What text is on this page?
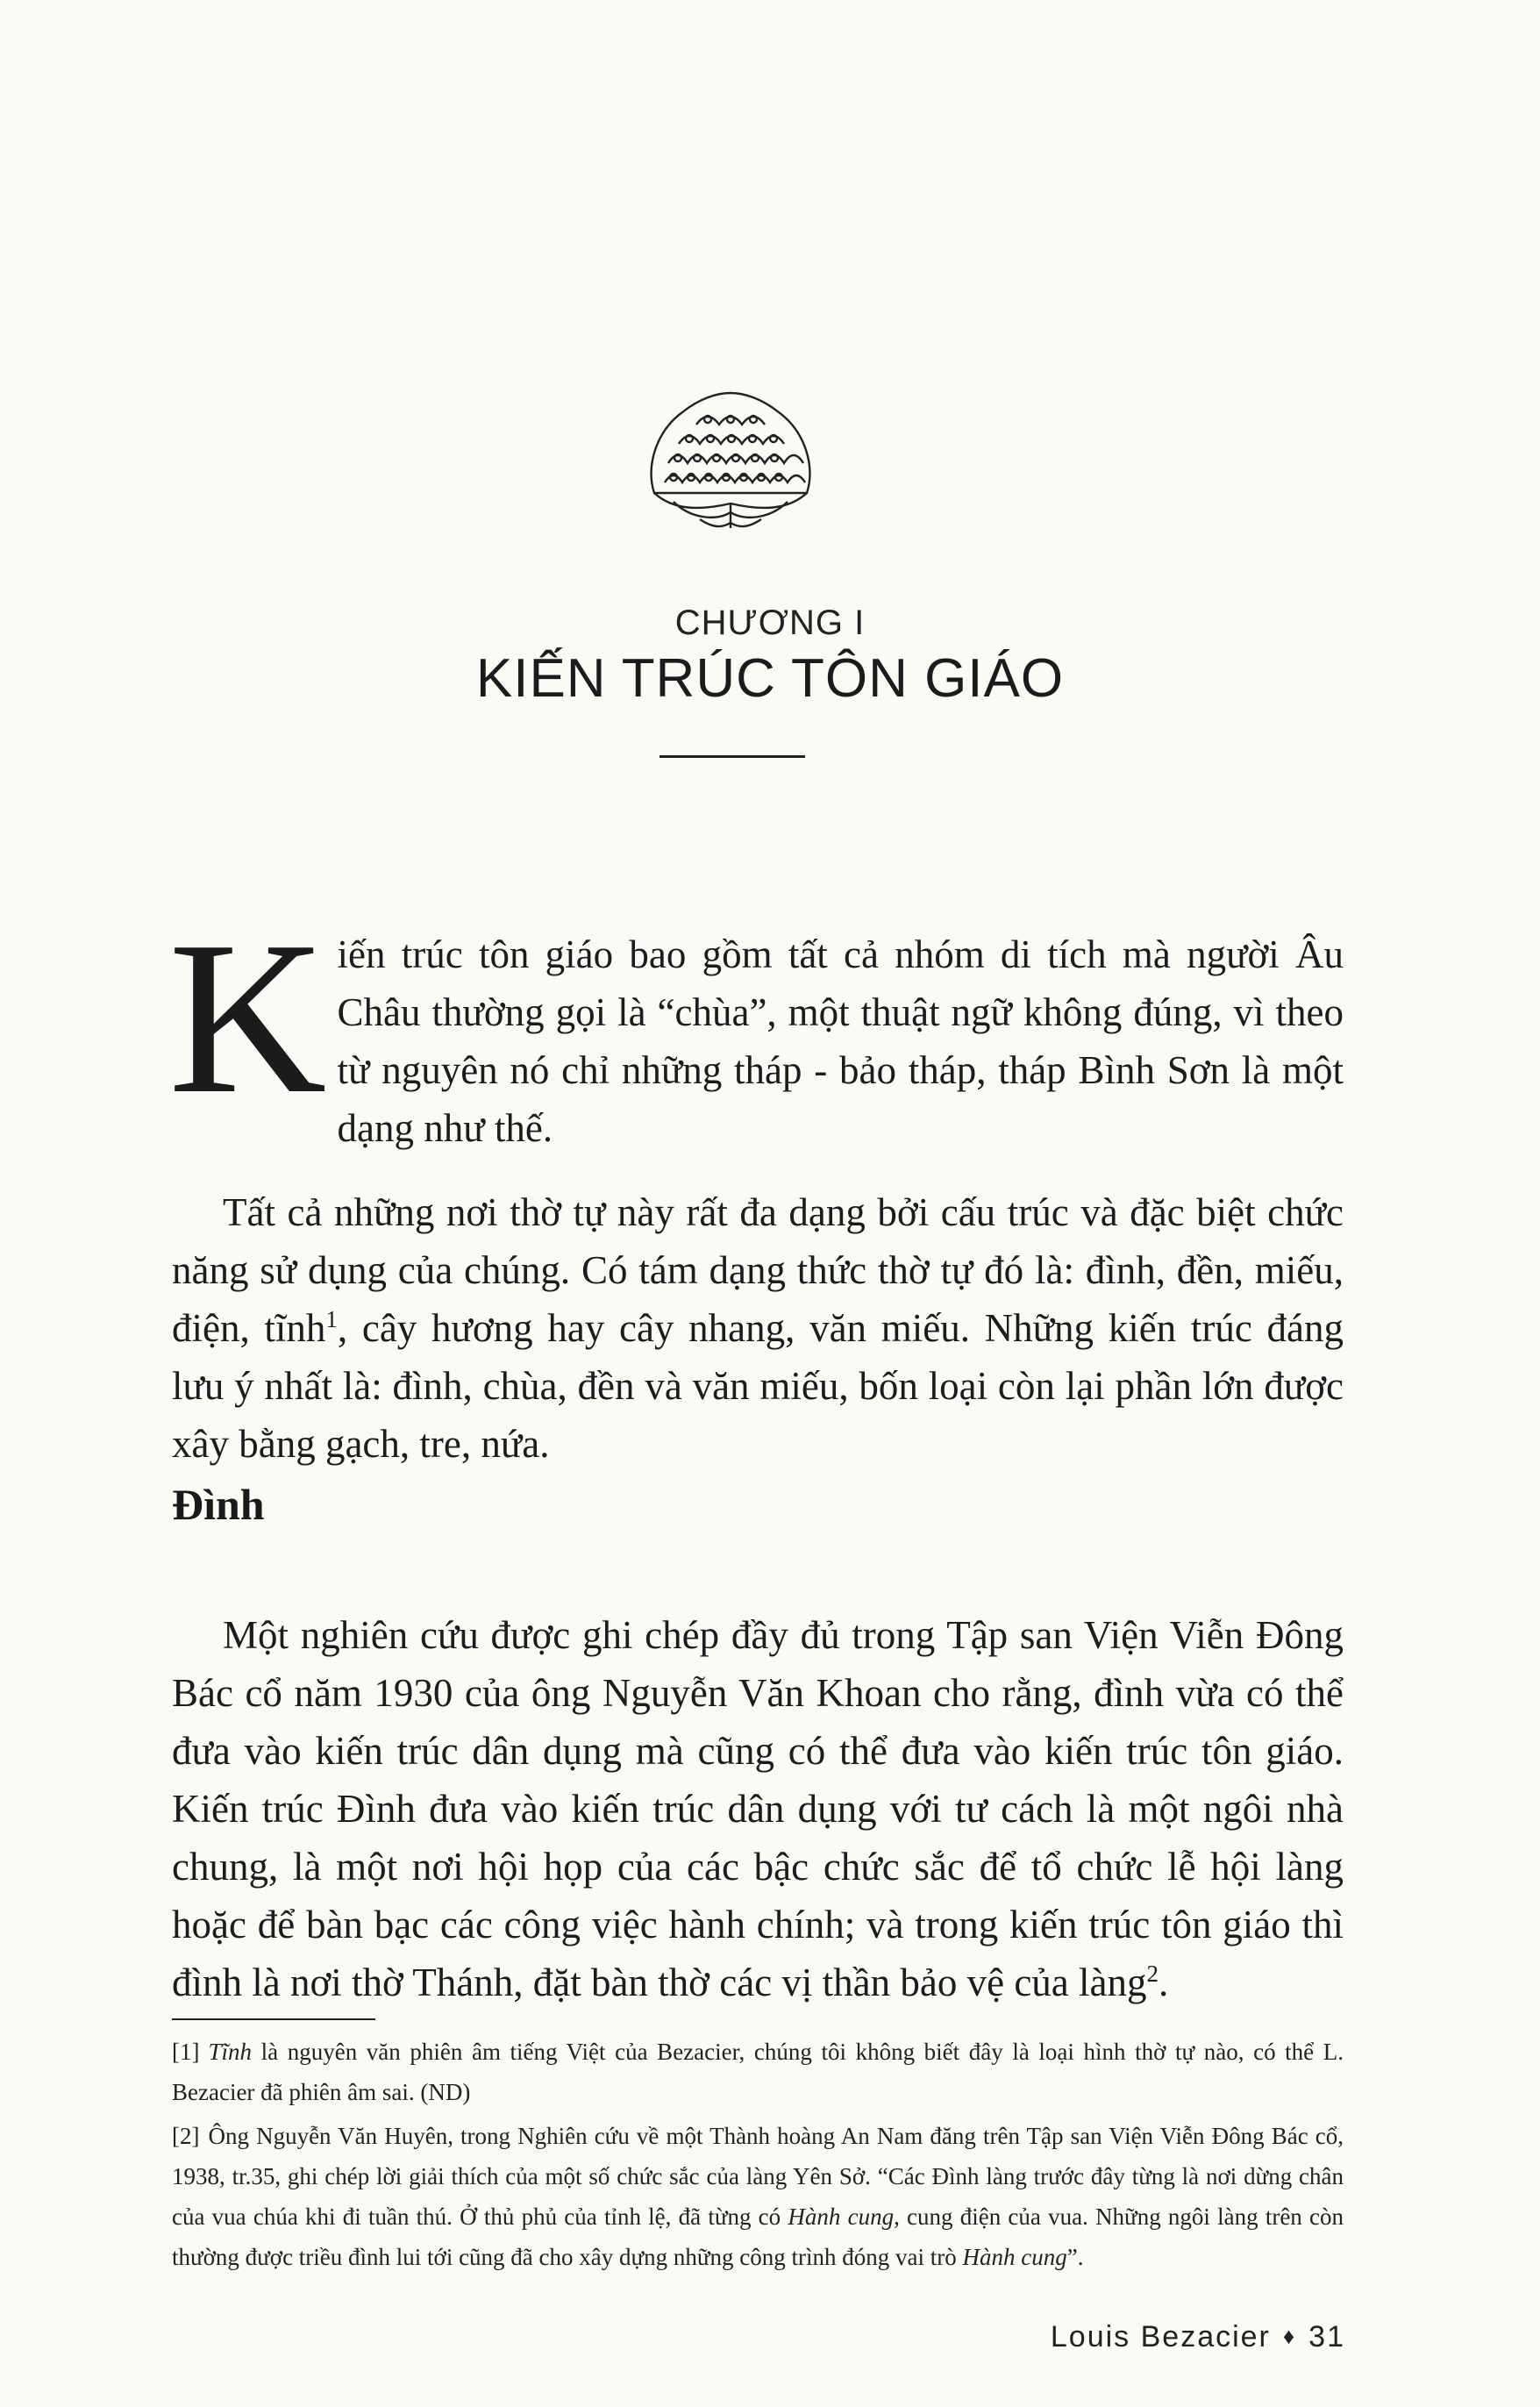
CHƯƠNG I
KIẾN TRÚC TÔN GIÁO

Kiến trúc tôn giáo bao gồm tất cả nhóm di tích mà người Âu Châu thường gọi là “chùa”, một thuật ngữ không đúng, vì theo từ nguyên nó chỉ những tháp - bảo tháp, tháp Bình Sơn là một dạng như thế.

Tất cả những nơi thờ tự này rất đa dạng bởi cấu trúc và đặc biệt chức năng sử dụng của chúng. Có tám dạng thức thờ tự đó là: đình, đền, miếu, điện, tĩnh$^1$, cây hương hay cây nhang, văn miếu. Những kiến trúc đáng lưu ý nhất là: đình, chùa, đền và văn miếu, bốn loại còn lại phần lớn được xây bằng gạch, tre, nứa.

Đình

Một nghiên cứu được ghi chép đầy đủ trong Tập san Viện Viễn Đông Bác cổ năm 1930 của ông Nguyễn Văn Khoan cho rằng, đình vừa có thể đưa vào kiến trúc dân dụng mà cũng có thể đưa vào kiến trúc tôn giáo. Kiến trúc Đình đưa vào kiến trúc dân dụng với tư cách là một ngôi nhà chung, là một nơi hội họp của các bậc chức sắc để tổ chức lễ hội làng hoặc để bàn bạc các công việc hành chính; và trong kiến trúc tôn giáo thì đình là nơi thờ Thánh, đặt bàn thờ các vị thần bảo vệ của làng$^2$.

[1] Tĩnh là nguyên văn phiên âm tiếng Việt của Bezacier, chúng tôi không biết đây là loại hình thờ tự nào, có thể L. Bezacier đã phiên âm sai. (ND)

[2] Ông Nguyễn Văn Huyên, trong Nghiên cứu về một Thành hoàng An Nam đăng trên Tập san Viện Viễn Đông Bác cổ, 1938, tr.35, ghi chép lời giải thích của một số chức sắc của làng Yên Sở. “Các Đình làng trước đây từng là nơi dừng chân của vua chúa khi đi tuần thú. Ở thủ phủ của tỉnh lệ, đã từng có Hành cung, cung điện của vua. Những ngôi làng trên còn thường được triều đình lui tới cũng đã cho xây dựng những công trình đóng vai trò Hành cung”.

Louis Bezacier ♦ 31
